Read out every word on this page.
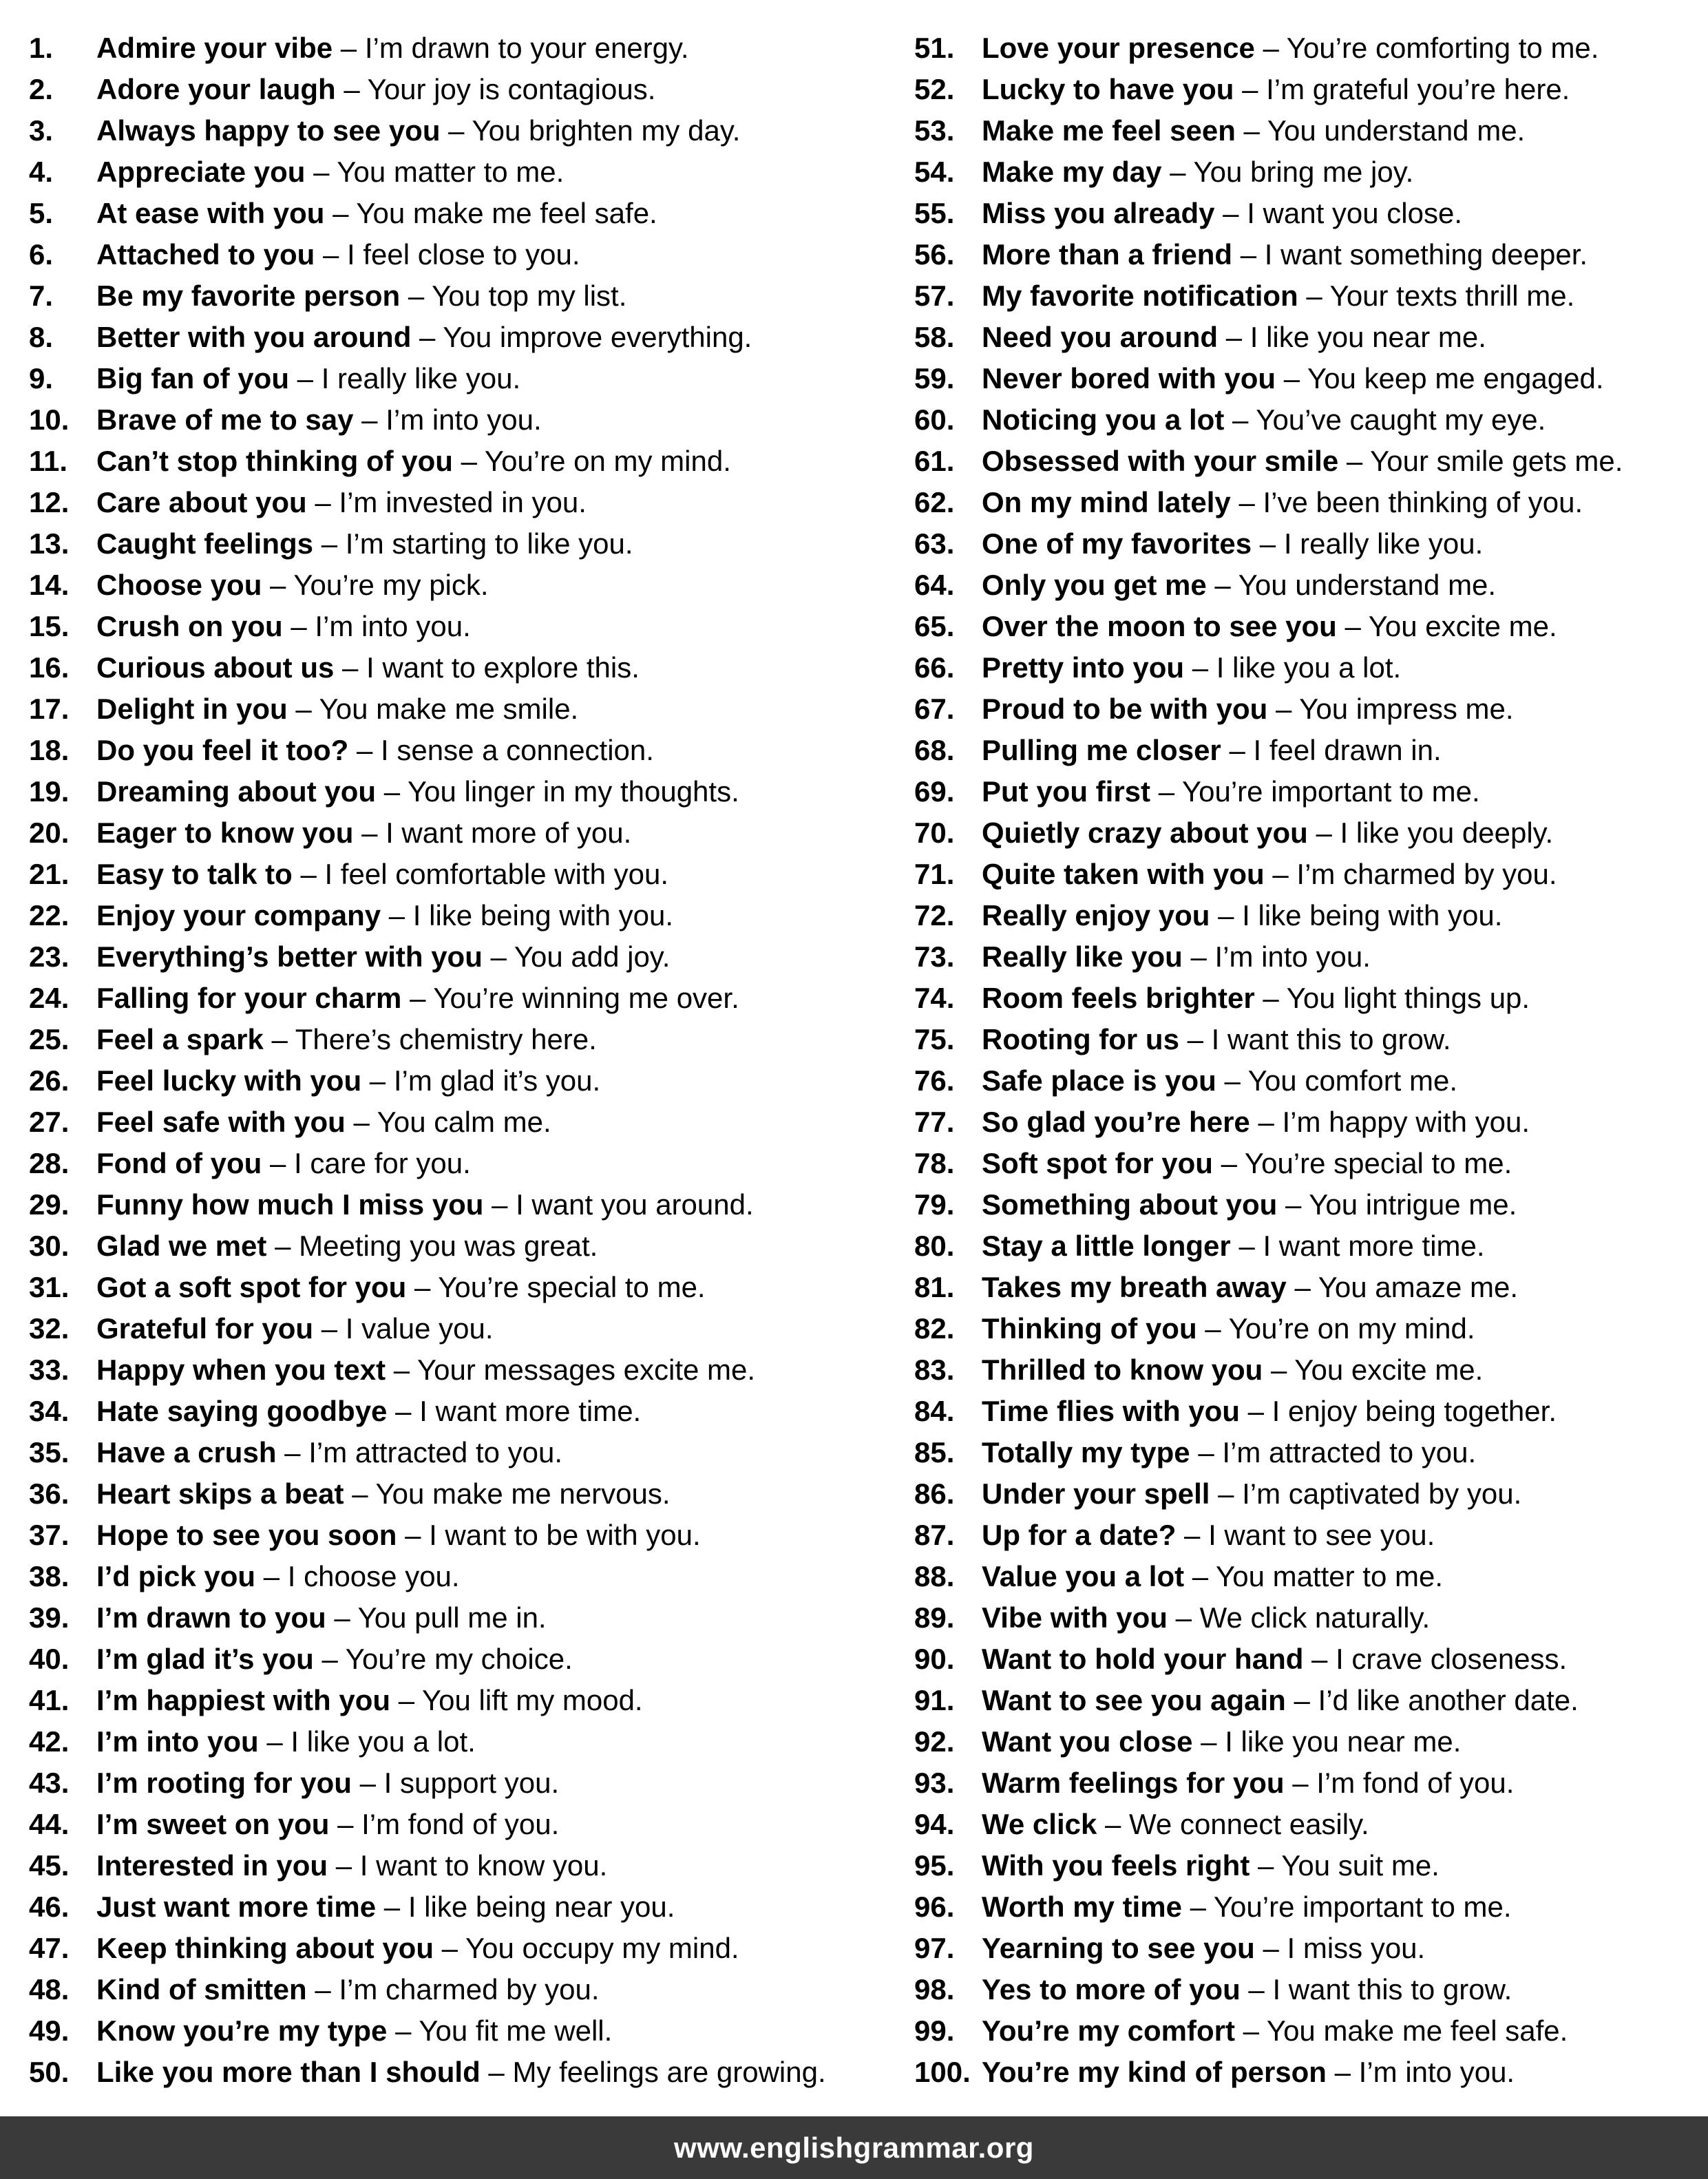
1.	Admire your vibe – I’m drawn to your energy.
2.	Adore your laugh – Your joy is contagious.
3.	Always happy to see you – You brighten my day.
4.	Appreciate you – You matter to me.
5.	At ease with you – You make me feel safe.
6.	Attached to you – I feel close to you.
7.	Be my favorite person – You top my list.
8.	Better with you around – You improve everything.
9.	Big fan of you – I really like you.
10. Brave of me to say – I’m into you.
11. Can’t stop thinking of you – You’re on my mind.
12. Care about you – I’m invested in you.
13. Caught feelings – I’m starting to like you.
14. Choose you – You’re my pick.
15. Crush on you – I’m into you.
16. Curious about us – I want to explore this.
17. Delight in you – You make me smile.
18. Do you feel it too? – I sense a connection.
19. Dreaming about you – You linger in my thoughts.
20. Eager to know you – I want more of you.
21. Easy to talk to – I feel comfortable with you.
22. Enjoy your company – I like being with you.
23. Everything’s better with you – You add joy.
24. Falling for your charm – You’re winning me over.
25. Feel a spark – There’s chemistry here.
26. Feel lucky with you – I’m glad it’s you.
27. Feel safe with you – You calm me.
28. Fond of you – I care for you.
29. Funny how much I miss you – I want you around.
30. Glad we met – Meeting you was great.
31. Got a soft spot for you – You’re special to me.
32. Grateful for you – I value you.
33. Happy when you text – Your messages excite me.
34. Hate saying goodbye – I want more time.
35. Have a crush – I’m attracted to you.
36. Heart skips a beat – You make me nervous.
37. Hope to see you soon – I want to be with you.
38. I’d pick you – I choose you.
39. I’m drawn to you – You pull me in.
40. I’m glad it’s you – You’re my choice.
41. I’m happiest with you – You lift my mood.
42. I’m into you – I like you a lot.
43. I’m rooting for you – I support you.
44. I’m sweet on you – I’m fond of you.
45. Interested in you – I want to know you.
46. Just want more time – I like being near you.
47. Keep thinking about you – You occupy my mind.
48. Kind of smitten – I’m charmed by you.
49. Know you’re my type – You fit me well.
50. Like you more than I should – My feelings are growing.
51. Love your presence – You’re comforting to me.
52. Lucky to have you – I’m grateful you’re here.
53. Make me feel seen – You understand me.
54. Make my day – You bring me joy.
55. Miss you already – I want you close.
56. More than a friend – I want something deeper.
57. My favorite notification – Your texts thrill me.
58. Need you around – I like you near me.
59. Never bored with you – You keep me engaged.
60. Noticing you a lot – You’ve caught my eye.
61. Obsessed with your smile – Your smile gets me.
62. On my mind lately – I’ve been thinking of you.
63. One of my favorites – I really like you.
64. Only you get me – You understand me.
65. Over the moon to see you – You excite me.
66. Pretty into you – I like you a lot.
67. Proud to be with you – You impress me.
68. Pulling me closer – I feel drawn in.
69. Put you first – You’re important to me.
70. Quietly crazy about you – I like you deeply.
71. Quite taken with you – I’m charmed by you.
72. Really enjoy you – I like being with you.
73. Really like you – I’m into you.
74. Room feels brighter – You light things up.
75. Rooting for us – I want this to grow.
76. Safe place is you – You comfort me.
77. So glad you’re here – I’m happy with you.
78. Soft spot for you – You’re special to me.
79. Something about you – You intrigue me.
80. Stay a little longer – I want more time.
81. Takes my breath away – You amaze me.
82. Thinking of you – You’re on my mind.
83. Thrilled to know you – You excite me.
84. Time flies with you – I enjoy being together.
85. Totally my type – I’m attracted to you.
86. Under your spell – I’m captivated by you.
87. Up for a date? – I want to see you.
88. Value you a lot – You matter to me.
89. Vibe with you – We click naturally.
90. Want to hold your hand – I crave closeness.
91. Want to see you again – I’d like another date.
92. Want you close – I like you near me.
93. Warm feelings for you – I’m fond of you.
94. We click – We connect easily.
95. With you feels right – You suit me.
96. Worth my time – You’re important to me.
97. Yearning to see you – I miss you.
98. Yes to more of you – I want this to grow.
99. You’re my comfort – You make me feel safe.
100. You’re my kind of person – I’m into you.
www.englishgrammar.org
